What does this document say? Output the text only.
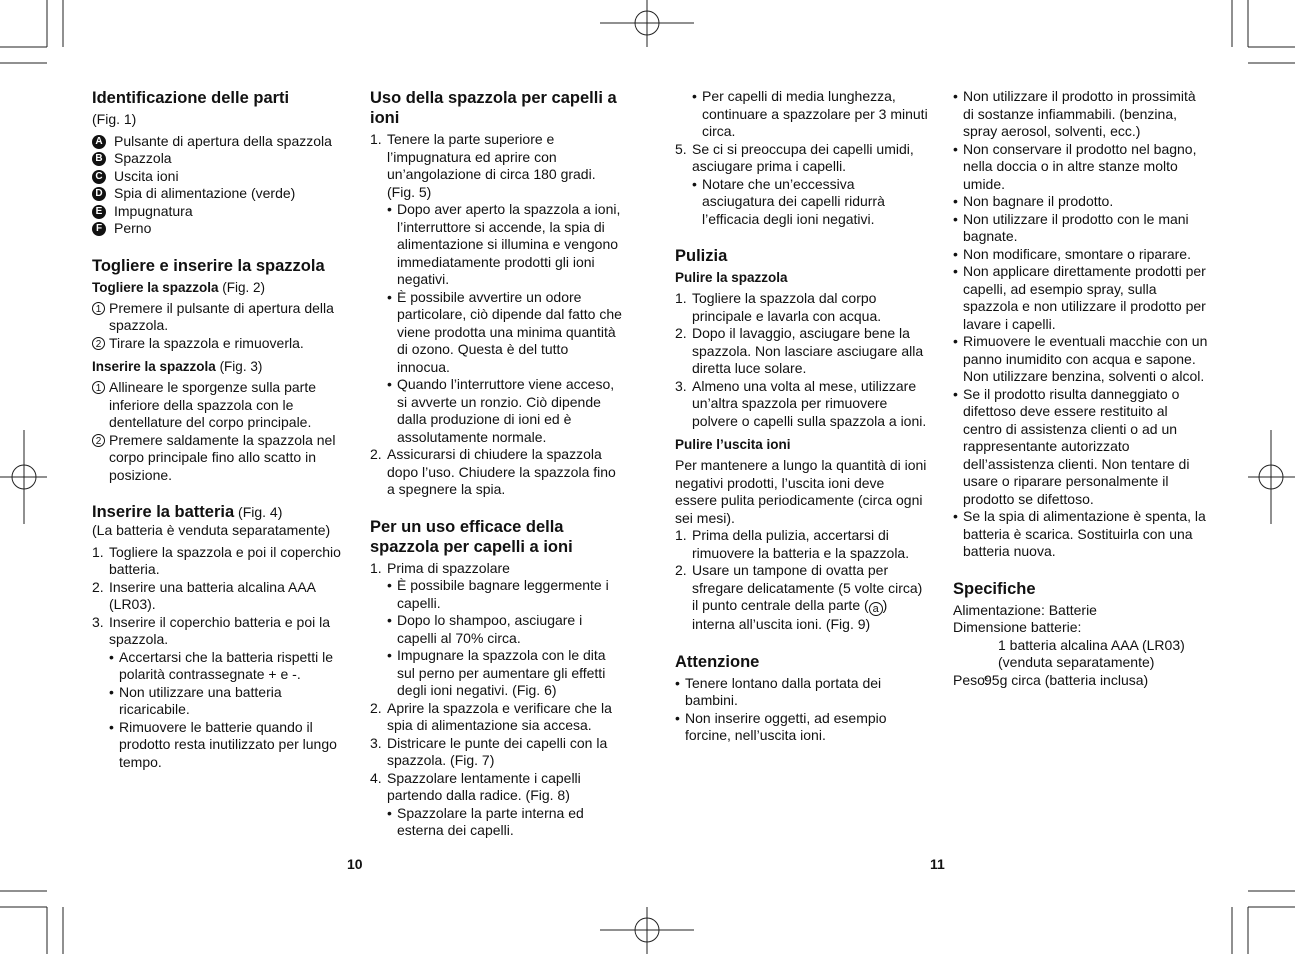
Identificazione delle parti
(Fig. 1)
A Pulsante di apertura della spazzola
B Spazzola
C Uscita ioni
D Spia di alimentazione (verde)
E Impugnatura
F Perno
Togliere e inserire la spazzola
Togliere la spazzola (Fig. 2)
1 Premere il pulsante di apertura della spazzola.
2 Tirare la spazzola e rimuoverla.
Inserire la spazzola (Fig. 3)
1 Allineare le sporgenze sulla parte inferiore della spazzola con le dentellature del corpo principale.
2 Premere saldamente la spazzola nel corpo principale fino allo scatto in posizione.
Inserire la batteria (Fig. 4)
(La batteria è venduta separatamente)
1. Togliere la spazzola e poi il coperchio batteria.
2. Inserire una batteria alcalina AAA (LR03).
3. Inserire il coperchio batteria e poi la spazzola.
• Accertarsi che la batteria rispetti le polarità contrassegnate + e -.
• Non utilizzare una batteria ricaricabile.
• Rimuovere le batterie quando il prodotto resta inutilizzato per lungo tempo.
Uso della spazzola per capelli a ioni
1. Tenere la parte superiore e l’impugnatura ed aprire con un’angolazione di circa 180 gradi. (Fig. 5)
• Dopo aver aperto la spazzola a ioni, l’interruttore si accende, la spia di alimentazione si illumina e vengono immediatamente prodotti gli ioni negativi.
• È possibile avvertire un odore particolare, ciò dipende dal fatto che viene prodotta una minima quantità di ozono. Questa è del tutto innocua.
• Quando l’interruttore viene acceso, si avverte un ronzio. Ciò dipende dalla produzione di ioni ed è assolutamente normale.
2. Assicurarsi di chiudere la spazzola dopo l’uso. Chiudere la spazzola fino a spegnere la spia.
Per un uso efficace della spazzola per capelli a ioni
1. Prima di spazzolare
• È possibile bagnare leggermente i capelli.
• Dopo lo shampoo, asciugare i capelli al 70% circa.
• Impugnare la spazzola con le dita sul perno per aumentare gli effetti degli ioni negativi. (Fig. 6)
2. Aprire la spazzola e verificare che la spia di alimentazione sia accesa.
3. Districare le punte dei capelli con la spazzola. (Fig. 7)
4. Spazzolare lentamente i capelli partendo dalla radice. (Fig. 8)
• Spazzolare la parte interna ed esterna dei capelli.
• Per capelli di media lunghezza, continuare a spazzolare per 3 minuti circa.
5. Se ci si preoccupa dei capelli umidi, asciugare prima i capelli.
• Notare che un’eccessiva asciugatura dei capelli ridurrà l’efficacia degli ioni negativi.
Pulizia
Pulire la spazzola
1. Togliere la spazzola dal corpo principale e lavarla con acqua.
2. Dopo il lavaggio, asciugare bene la spazzola. Non lasciare asciugare alla diretta luce solare.
3. Almeno una volta al mese, utilizzare un’altra spazzola per rimuovere polvere o capelli sulla spazzola a ioni.
Pulire l’uscita ioni
Per mantenere a lungo la quantità di ioni negativi prodotti, l’uscita ioni deve essere pulita periodicamente (circa ogni sei mesi).
1. Prima della pulizia, accertarsi di rimuovere la batteria e la spazzola.
2. Usare un tampone di ovatta per sfregare delicatamente (5 volte circa) il punto centrale della parte ( a ) interna all’uscita ioni. (Fig. 9)
Attenzione
• Tenere lontano dalla portata dei bambini.
• Non inserire oggetti, ad esempio forcine, nell’uscita ioni.
• Non utilizzare il prodotto in prossimità di sostanze infiammabili. (benzina, spray aerosol, solventi, ecc.)
• Non conservare il prodotto nel bagno, nella doccia o in altre stanze molto umide.
• Non bagnare il prodotto.
• Non utilizzare il prodotto con le mani bagnate.
• Non modificare, smontare o riparare.
• Non applicare direttamente prodotti per capelli, ad esempio spray, sulla spazzola e non utilizzare il prodotto per lavare i capelli.
• Rimuovere le eventuali macchie con un panno inumidito con acqua e sapone. Non utilizzare benzina, solventi o alcol.
• Se il prodotto risulta danneggiato o difettoso deve essere restituito al centro di assistenza clienti o ad un rappresentante autorizzato dell’assistenza clienti. Non tentare di usare o riparare personalmente il prodotto se difettoso.
• Se la spia di alimentazione è spenta, la batteria è scarica. Sostituirla con una batteria nuova.
Specifiche
Alimentazione: Batterie
Dimensione batterie:
1 batteria alcalina AAA (LR03)
(venduta separatamente)
Peso:
95g circa (batteria inclusa)
10	11
